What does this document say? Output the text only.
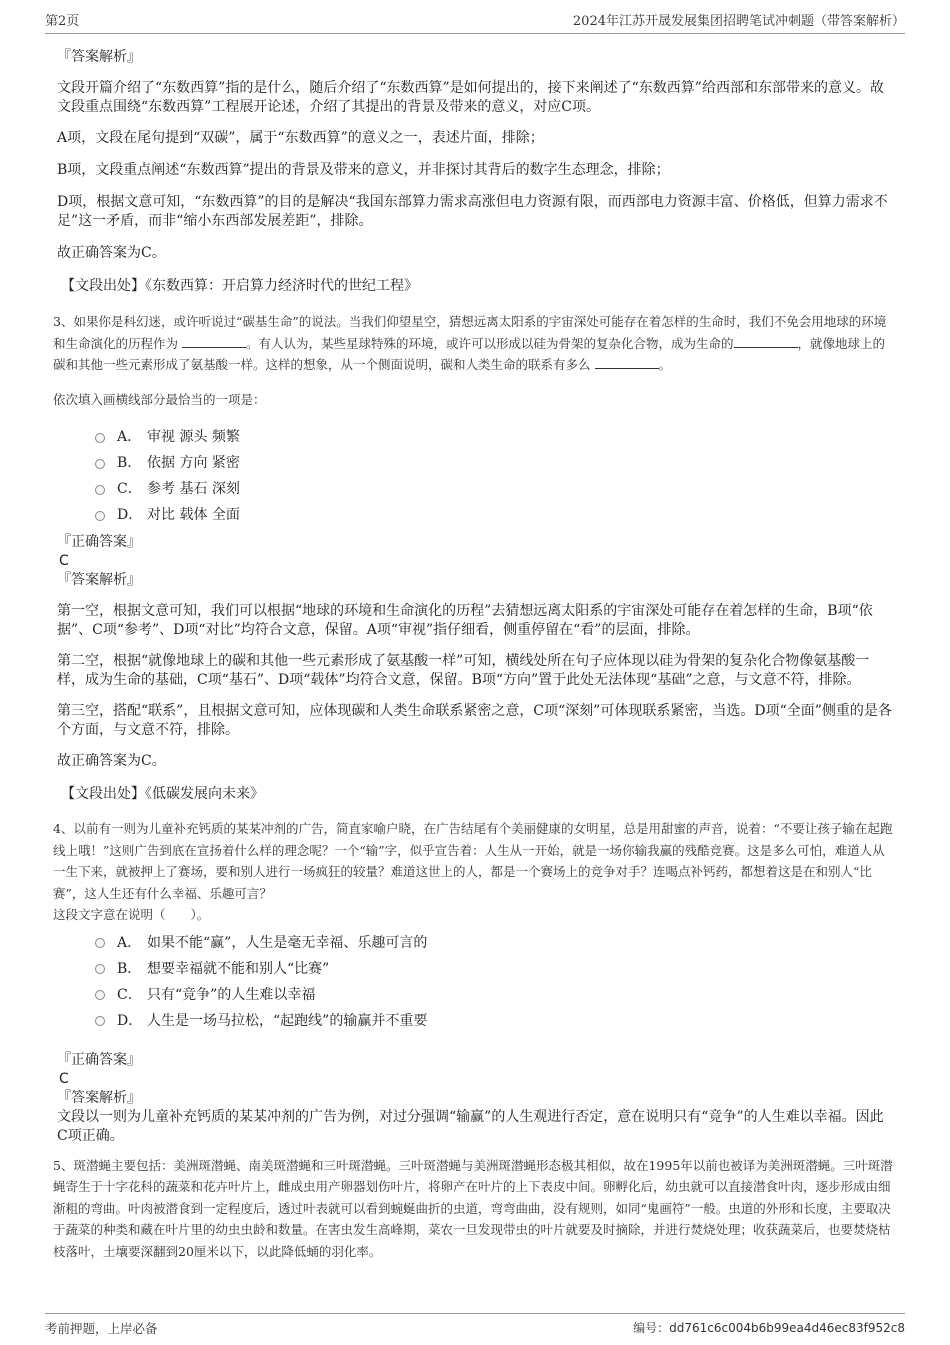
第2页	2024年江苏开晟发展集团招聘笔试冲刺题（带答案解析）

『答案解析』

文段开篇介绍了“东数西算”指的是什么，随后介绍了“东数西算”是如何提出的，接下来阐述了“东数西算”给西部和东部带来的意义。故文段重点围绕“东数西算”工程展开论述，介绍了其提出的背景及带来的意义，对应C项。

A项，文段在尾句提到“双碳”，属于“东数西算”的意义之一，表述片面，排除；

B项，文段重点阐述“东数西算”提出的背景及带来的意义，并非探讨其背后的数字生态理念，排除；

D项，根据文意可知，“东数西算”的目的是解决“我国东部算力需求高涨但电力资源有限，而西部电力资源丰富、价格低，但算力需求不足”这一矛盾，而非“缩小东西部发展差距”，排除。

故正确答案为C。

【文段出处】《东数西算：开启算力经济时代的世纪工程》

3、如果你是科幻迷，或许听说过“碳基生命”的说法。当我们仰望星空，猜想远离太阳系的宇宙深处可能存在着怎样的生命时，我们不免会用地球的环境和生命演化的历程作为	。有人认为，某些星球特殊的环境，或许可以形成以硅为骨架的复杂化合物，成为生命的	，就像地球上的碳和其他一些元素形成了氨基酸一样。这样的想象，从一个侧面说明，碳和人类生命的联系有多么	。

依次填入画横线部分最恰当的一项是：

A． 审视 源头 频繁
B． 依据 方向 紧密
C． 参考 基石 深刻
D． 对比 载体 全面

『正确答案』

C

『答案解析』

第一空，根据文意可知，我们可以根据“地球的环境和生命演化的历程”去猜想远离太阳系的宇宙深处可能存在着怎样的生命，B项“依据”、C项“参考”、D项“对比”均符合文意，保留。A项“审视”指仔细看，侧重停留在“看”的层面，排除。

第二空，根据“就像地球上的碳和其他一些元素形成了氨基酸一样”可知，横线处所在句子应体现以硅为骨架的复杂化合物像氨基酸一样，成为生命的基础，C项“基石”、D项“载体”均符合文意，保留。B项“方向”置于此处无法体现“基础”之意，与文意不符，排除。

第三空，搭配“联系”，且根据文意可知，应体现碳和人类生命联系紧密之意，C项“深刻”可体现联系紧密，当选。D项“全面”侧重的是各个方面，与文意不符，排除。

故正确答案为C。

【文段出处】《低碳发展向未来》

4、以前有一则为儿童补充钙质的某某冲剂的广告，简直家喻户晓，在广告结尾有个美丽健康的女明星，总是用甜蜜的声音，说着：“不要让孩子输在起跑线上哦！”这则广告到底在宣扬着什么样的理念呢？一个“输”字，似乎宣告着：人生从一开始，就是一场你输我赢的残酷竞赛。这是多么可怕，难道人从一生下来，就被押上了赛场，要和别人进行一场疯狂的较量？难道这世上的人，都是一个赛场上的竞争对手？连喝点补钙药，都想着这是在和别人“比赛”，这人生还有什么幸福、乐趣可言？

这段文字意在说明（　　）。

A． 如果不能“赢”，人生是毫无幸福、乐趣可言的
B． 想要幸福就不能和别人“比赛”
C． 只有“竞争”的人生难以幸福
D． 人生是一场马拉松，“起跑线”的输赢并不重要

『正确答案』

C

『答案解析』

文段以一则为儿童补充钙质的某某冲剂的广告为例，对过分强调“输赢”的人生观进行否定，意在说明只有“竞争”的人生难以幸福。因此C项正确。

5、斑潜蝇主要包括：美洲斑潜蝇、南美斑潜蝇和三叶斑潜蝇。三叶斑潜蝇与美洲斑潜蝇形态极其相似，故在1995年以前也被译为美洲斑潜蝇。三叶斑潜蝇寄生于十字花科的蔬菜和花卉叶片上，雌成虫用产卵器划伤叶片，将卵产在叶片的上下表皮中间。卵孵化后，幼虫就可以直接潜食叶肉，逐步形成由细渐粗的弯曲。叶肉被潜食到一定程度后，透过叶表就可以看到蜿蜒曲折的虫道，弯弯曲曲，没有规则，如同“鬼画符”一般。虫道的外形和长度，主要取决于蔬菜的种类和藏在叶片里的幼虫虫龄和数量。在害虫发生高峰期，菜农一旦发现带虫的叶片就要及时摘除，并进行焚烧处理；收获蔬菜后，也要焚烧枯枝落叶，土壤要深翻到20厘米以下，以此降低蛹的羽化率。

考前押题，上岸必备	编号：dd761c6c004b6b99ea4d46ec83f952c8
